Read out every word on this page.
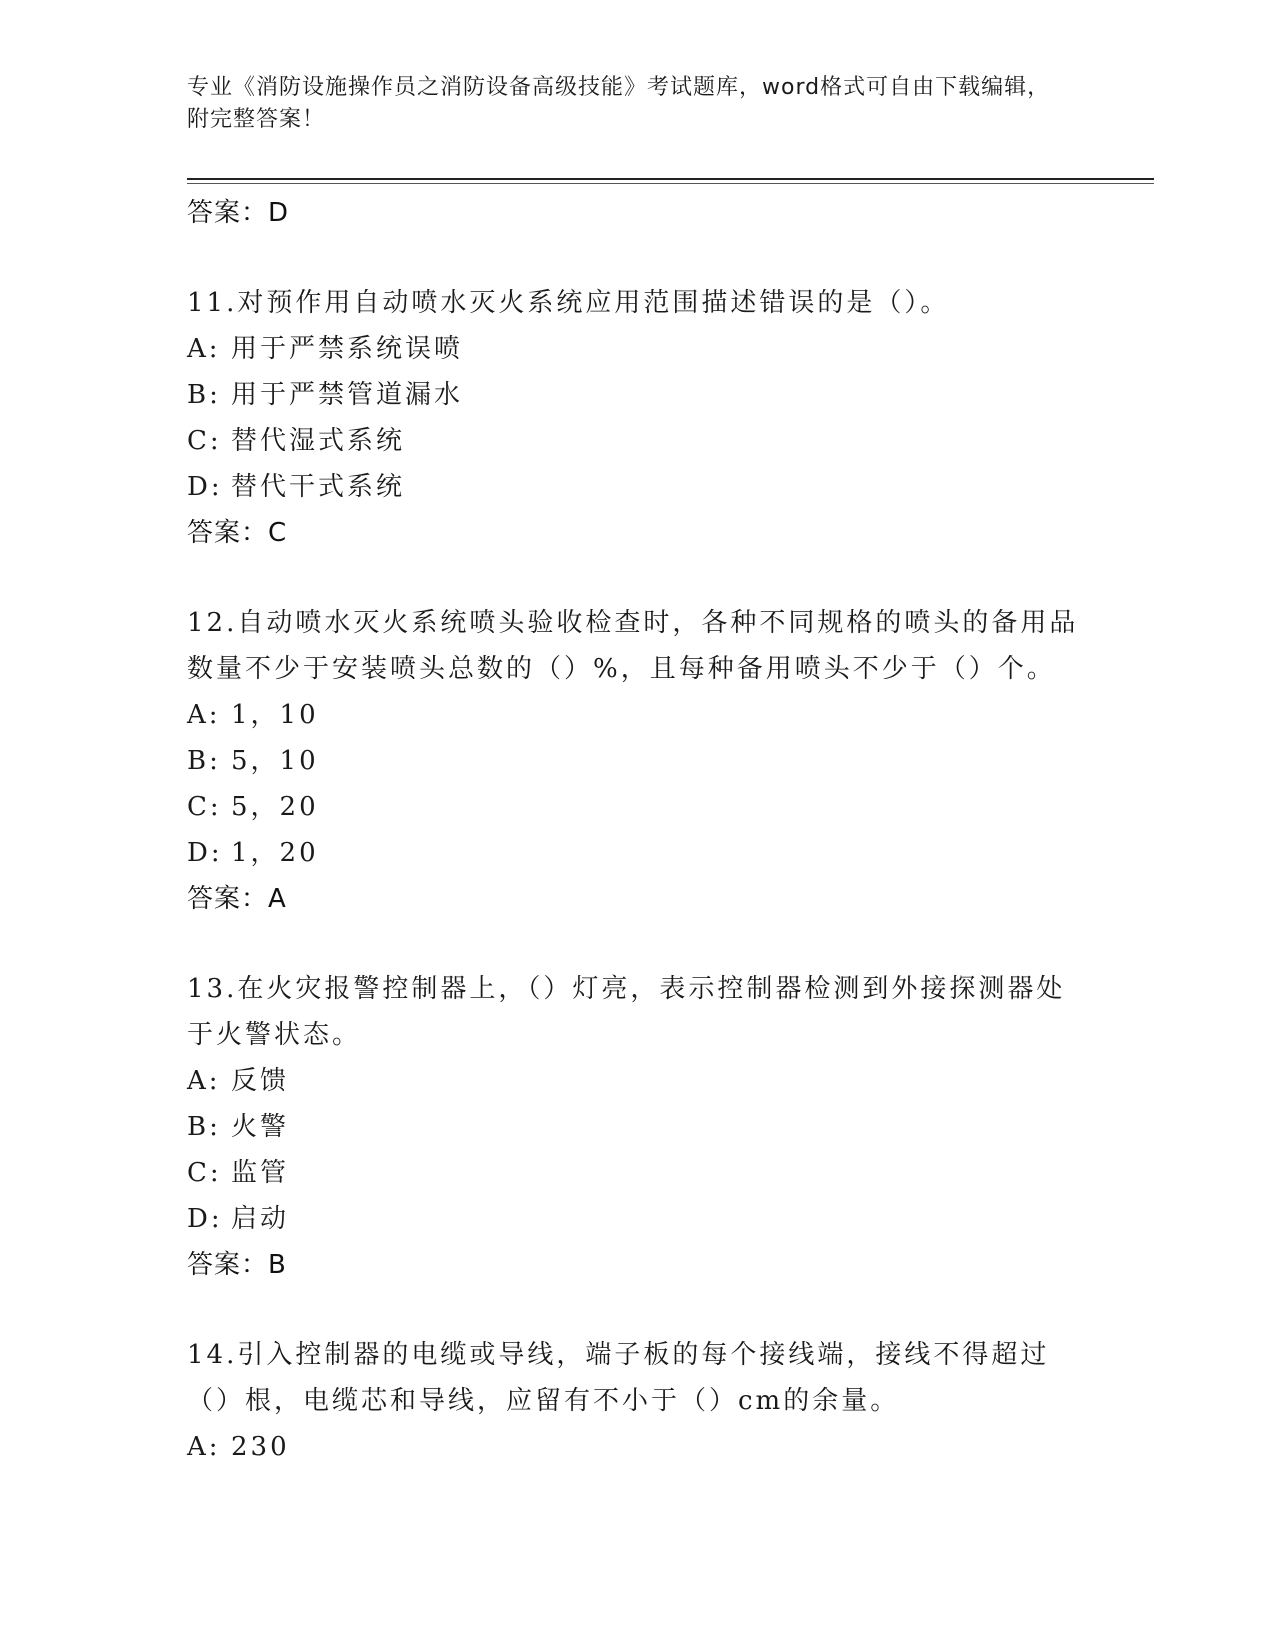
专业《消防设施操作员之消防设备高级技能》考试题库，word格式可自由下载编辑，附完整答案！
答案：D
11.对预作用自动喷水灭火系统应用范围描述错误的是（）。
A: 用于严禁系统误喷
B: 用于严禁管道漏水
C: 替代湿式系统
D: 替代干式系统
答案：C
12.自动喷水灭火系统喷头验收检查时，各种不同规格的喷头的备用品数量不少于安装喷头总数的（）%，且每种备用喷头不少于（）个。
A: 1，10
B: 5，10
C: 5，20
D: 1，20
答案：A
13.在火灾报警控制器上，（）灯亮，表示控制器检测到外接探测器处于火警状态。
A: 反馈
B: 火警
C: 监管
D: 启动
答案：B
14.引入控制器的电缆或导线，端子板的每个接线端，接线不得超过（）根，电缆芯和导线，应留有不小于（）cm的余量。
A: 230
